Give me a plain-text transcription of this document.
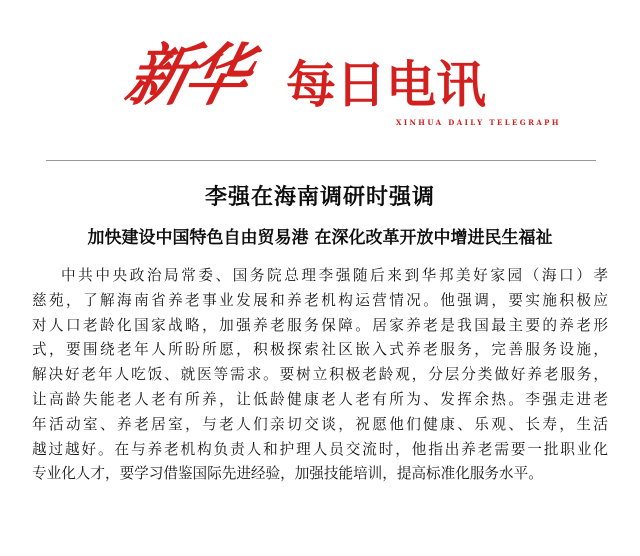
新华 每日电讯
XINHUA DAILY TELEGRAPH
李强在海南调研时强调
加快建设中国特色自由贸易港 在深化改革开放中增进民生福祉
中共中央政治局常委、国务院总理李强随后来到华邦美好家园（海口）孝
慈苑，了解海南省养老事业发展和养老机构运营情况。他强调，要实施积极应
对人口老龄化国家战略，加强养老服务保障。居家养老是我国最主要的养老形
式，要围绕老年人所盼所愿，积极探索社区嵌入式养老服务，完善服务设施，
解决好老年人吃饭、就医等需求。要树立积极老龄观，分层分类做好养老服务，
让高龄失能老人老有所养，让低龄健康老人老有所为、发挥余热。李强走进老
年活动室、养老居室，与老人们亲切交谈，祝愿他们健康、乐观、长寿，生活
越过越好。在与养老机构负责人和护理人员交流时，他指出养老需要一批职业化
专业化人才，要学习借鉴国际先进经验，加强技能培训，提高标准化服务水平。
